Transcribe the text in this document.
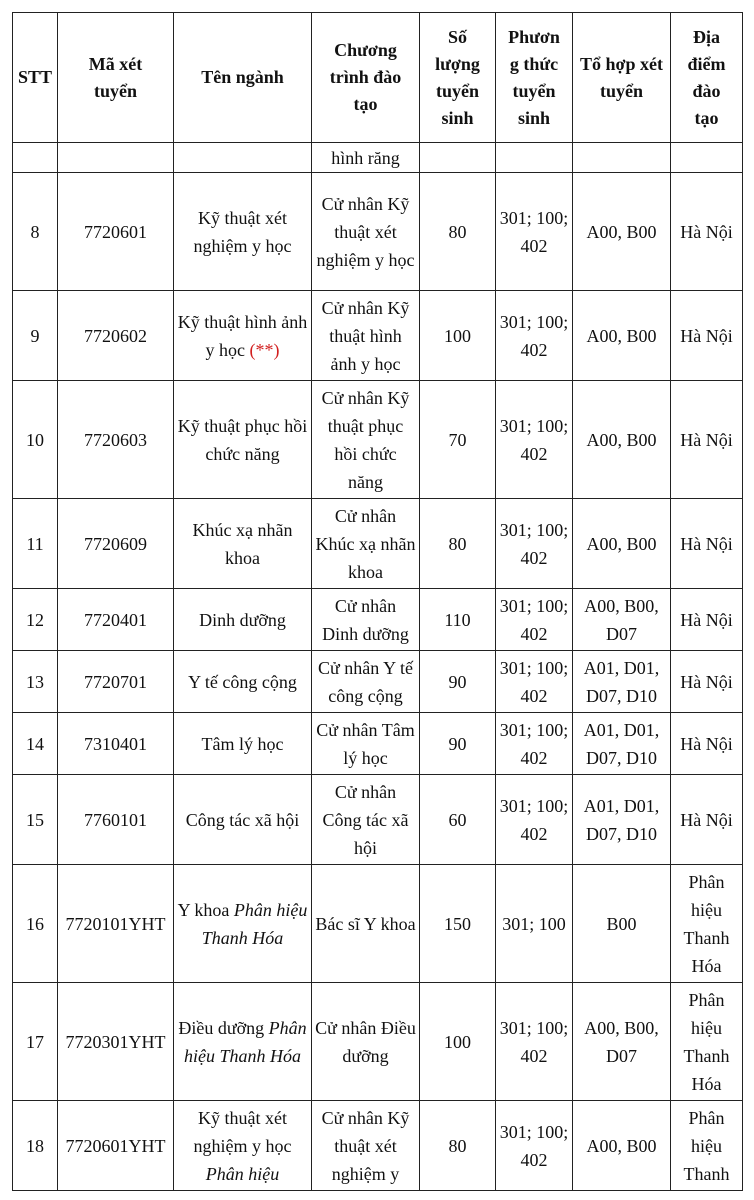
STT	Mã xét tuyển	Tên ngành	Chương trình đào tạo	Số lượng tuyển sinh	Phương thức tuyển sinh	Tổ hợp xét tuyển	Địa điểm đào tạo
			hình răng				
8	7720601	Kỹ thuật xét nghiệm y học	Cử nhân Kỹ thuật xét nghiệm y học	80	301; 100; 402	A00, B00	Hà Nội
9	7720602	Kỹ thuật hình ảnh y học (**)	Cử nhân Kỹ thuật hình ảnh y học	100	301; 100; 402	A00, B00	Hà Nội
10	7720603	Kỹ thuật phục hồi chức năng	Cử nhân Kỹ thuật phục hồi chức năng	70	301; 100; 402	A00, B00	Hà Nội
11	7720609	Khúc xạ nhãn khoa	Cử nhân Khúc xạ nhãn khoa	80	301; 100; 402	A00, B00	Hà Nội
12	7720401	Dinh dưỡng	Cử nhân Dinh dưỡng	110	301; 100; 402	A00, B00, D07	Hà Nội
13	7720701	Y tế công cộng	Cử nhân Y tế công cộng	90	301; 100; 402	A01, D01, D07, D10	Hà Nội
14	7310401	Tâm lý học	Cử nhân Tâm lý học	90	301; 100; 402	A01, D01, D07, D10	Hà Nội
15	7760101	Công tác xã hội	Cử nhân Công tác xã hội	60	301; 100; 402	A01, D01, D07, D10	Hà Nội
16	7720101YHT	Y khoa Phân hiệu Thanh Hóa	Bác sĩ Y khoa	150	301; 100	B00	Phân hiệu Thanh Hóa
17	7720301YHT	Điều dưỡng Phân hiệu Thanh Hóa	Cử nhân Điều dưỡng	100	301; 100; 402	A00, B00, D07	Phân hiệu Thanh Hóa
18	7720601YHT	Kỹ thuật xét nghiệm y học Phân hiệu	Cử nhân Kỹ thuật xét nghiệm y	80	301; 100; 402	A00, B00	Phân hiệu Thanh
